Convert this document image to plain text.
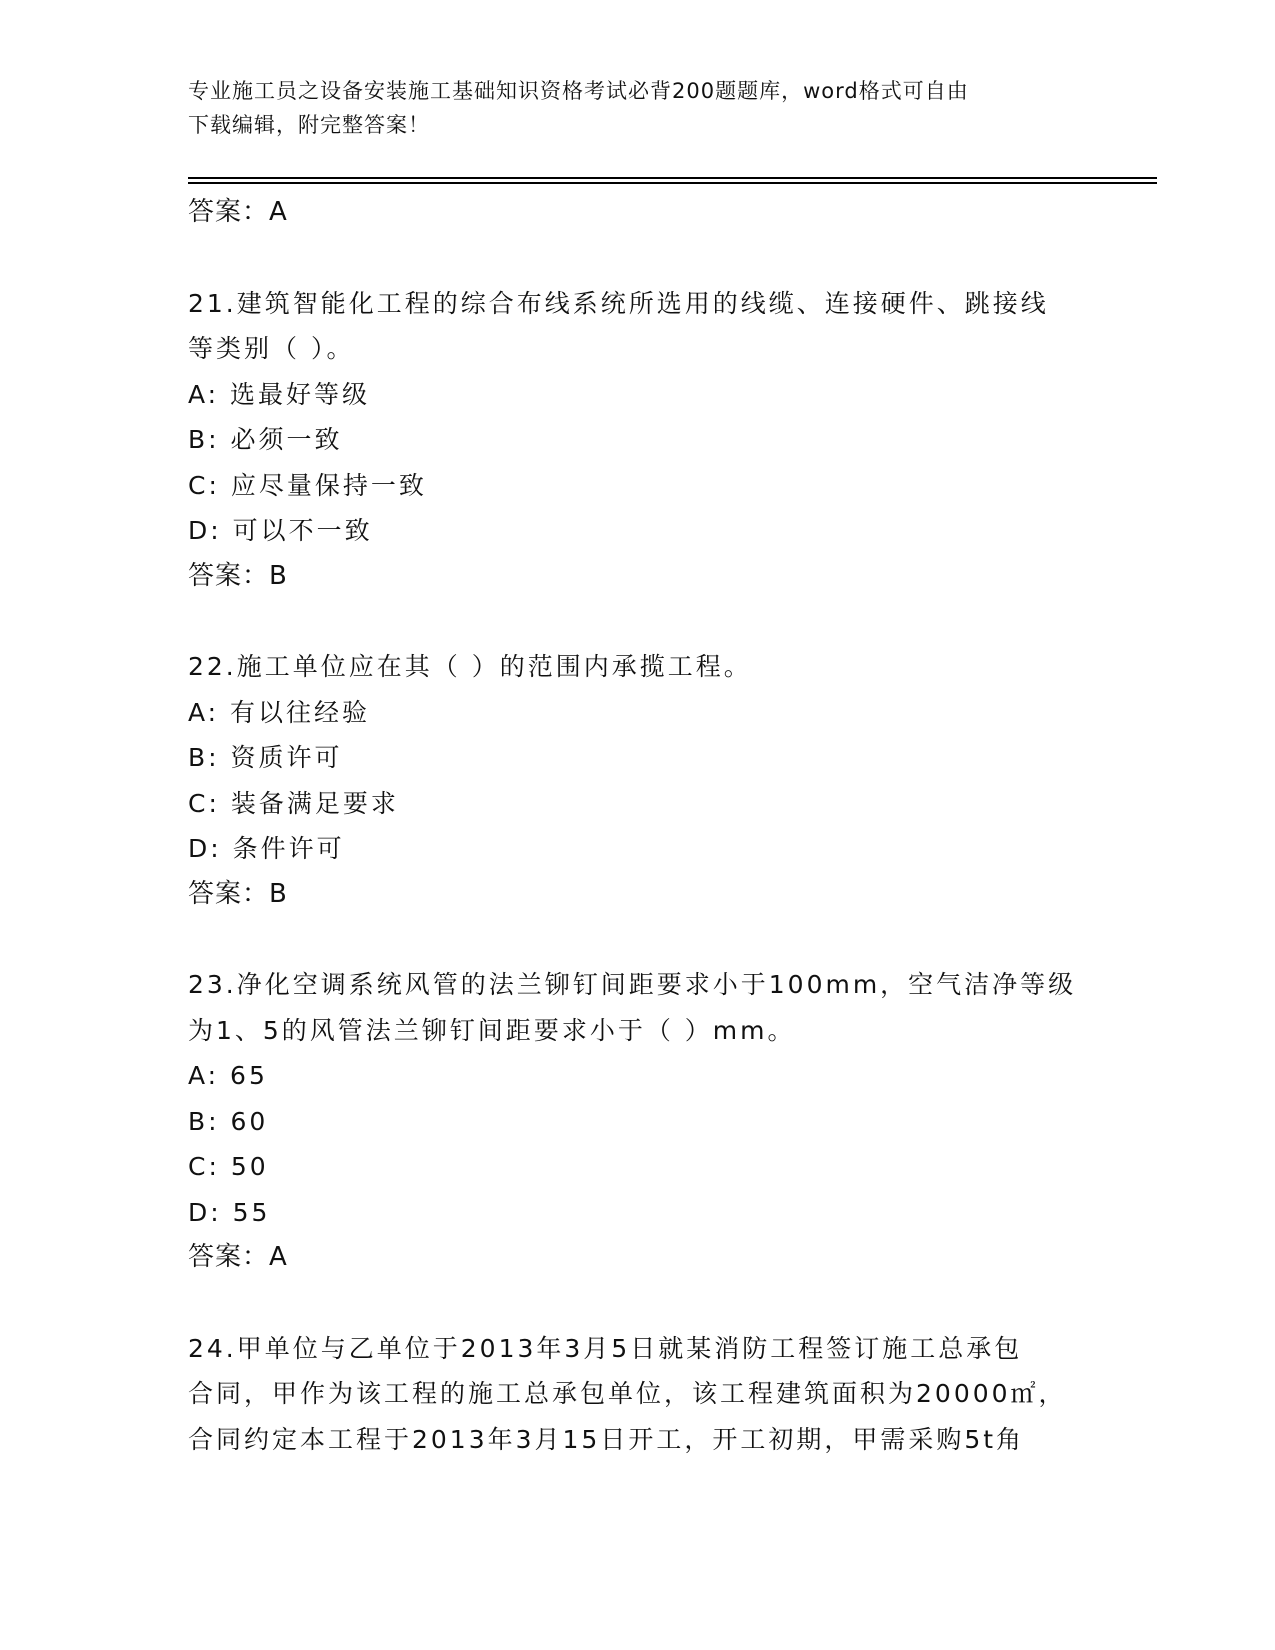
专业施工员之设备安装施工基础知识资格考试必背200题题库，word格式可自由
下载编辑，附完整答案！
答案：A
21.建筑智能化工程的综合布线系统所选用的线缆、连接硬件、跳接线
等类别（ ）。
A: 选最好等级
B: 必须一致
C: 应尽量保持一致
D: 可以不一致
答案：B
22.施工单位应在其（ ）的范围内承揽工程。
A: 有以往经验
B: 资质许可
C: 装备满足要求
D: 条件许可
答案：B
23.净化空调系统风管的法兰铆钉间距要求小于100mm，空气洁净等级
为1、5的风管法兰铆钉间距要求小于（ ）mm。
A: 65
B: 60
C: 50
D: 55
答案：A
24.甲单位与乙单位于2013年3月5日就某消防工程签订施工总承包
合同，甲作为该工程的施工总承包单位，该工程建筑面积为20000㎡，
合同约定本工程于2013年3月15日开工，开工初期，甲需采购5t角
